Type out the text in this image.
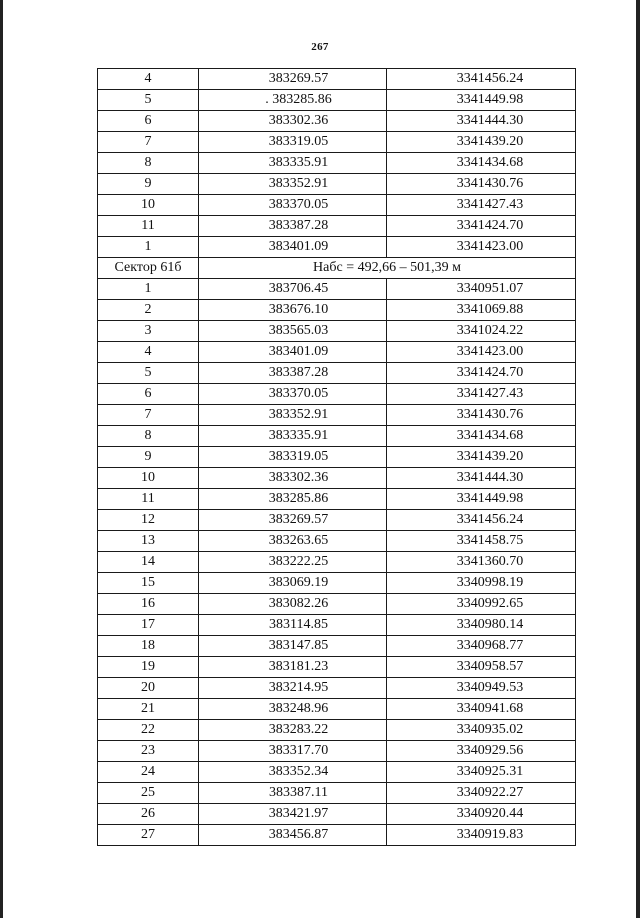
267
4	383269.57	3341456.24
5	. 383285.86	3341449.98
6	383302.36	3341444.30
7	383319.05	3341439.20
8	383335.91	3341434.68
9	383352.91	3341430.76
10	383370.05	3341427.43
11	383387.28	3341424.70
1	383401.09	3341423.00
Сектор 61б	Набс = 492,66 – 501,39 м	
1	383706.45	3340951.07
2	383676.10	3341069.88
3	383565.03	3341024.22
4	383401.09	3341423.00
5	383387.28	3341424.70
6	383370.05	3341427.43
7	383352.91	3341430.76
8	383335.91	3341434.68
9	383319.05	3341439.20
10	383302.36	3341444.30
11	383285.86	3341449.98
12	383269.57	3341456.24
13	383263.65	3341458.75
14	383222.25	3341360.70
15	383069.19	3340998.19
16	383082.26	3340992.65
17	383114.85	3340980.14
18	383147.85	3340968.77
19	383181.23	3340958.57
20	383214.95	3340949.53
21	383248.96	3340941.68
22	383283.22	3340935.02
23	383317.70	3340929.56
24	383352.34	3340925.31
25	383387.11	3340922.27
26	383421.97	3340920.44
27	383456.87	3340919.83
